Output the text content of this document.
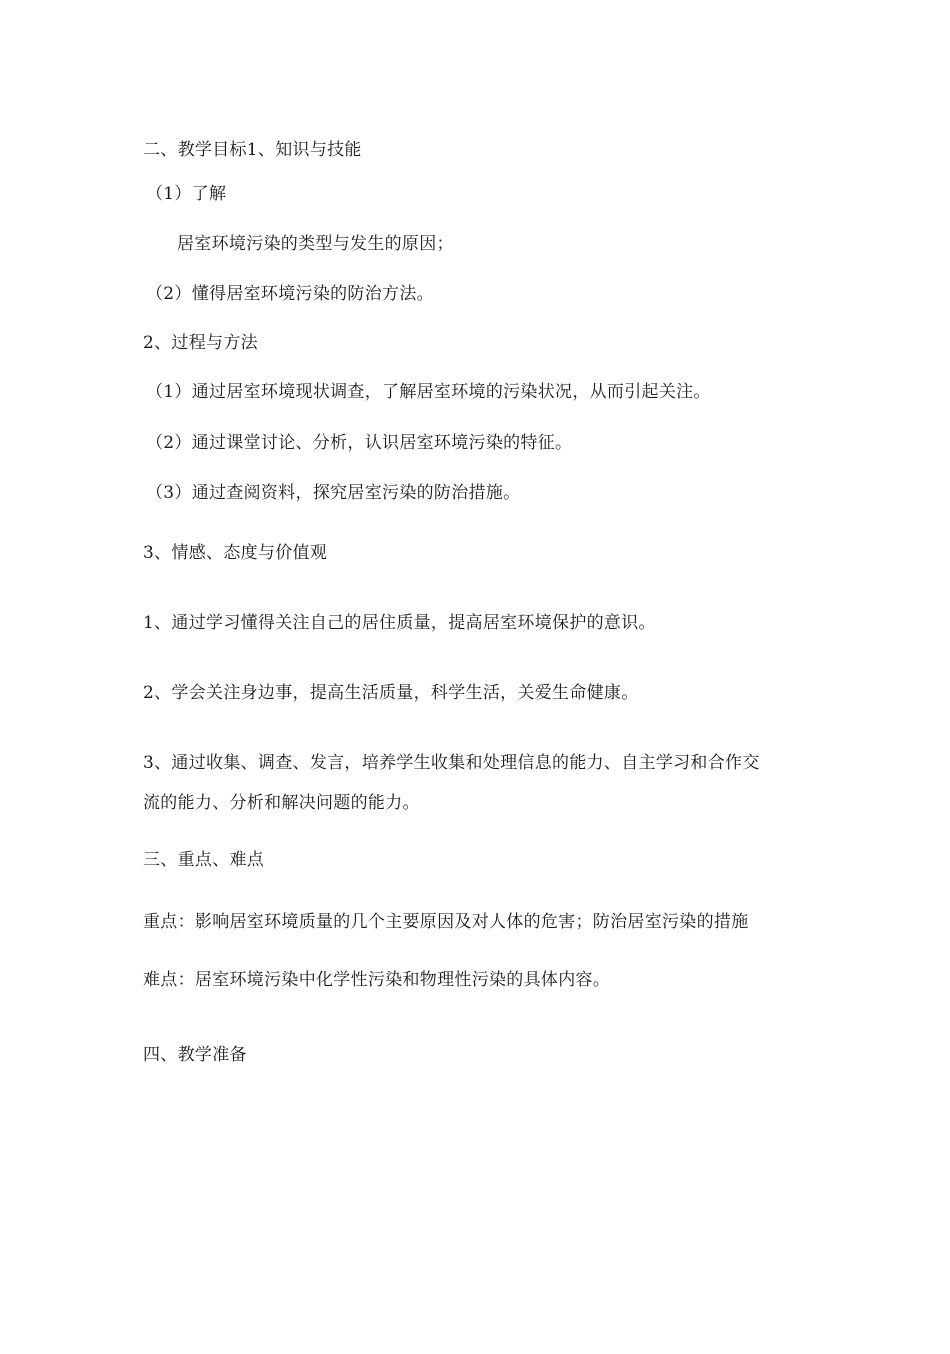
二、教学目标1、知识与技能
（1）了解
居室环境污染的类型与发生的原因；
（2）懂得居室环境污染的防治方法。
2、过程与方法
（1）通过居室环境现状调查，了解居室环境的污染状况，从而引起关注。
（2）通过课堂讨论、分析，认识居室环境污染的特征。
（3）通过查阅资料，探究居室污染的防治措施。
3、情感、态度与价值观
1、通过学习懂得关注自己的居住质量，提高居室环境保护的意识。
2、学会关注身边事，提高生活质量，科学生活，关爱生命健康。
3、通过收集、调查、发言，培养学生收集和处理信息的能力、自主学习和合作交
流的能力、分析和解决问题的能力。
三、重点、难点
重点：影响居室环境质量的几个主要原因及对人体的危害；防治居室污染的措施
难点：居室环境污染中化学性污染和物理性污染的具体内容。
四、教学准备
